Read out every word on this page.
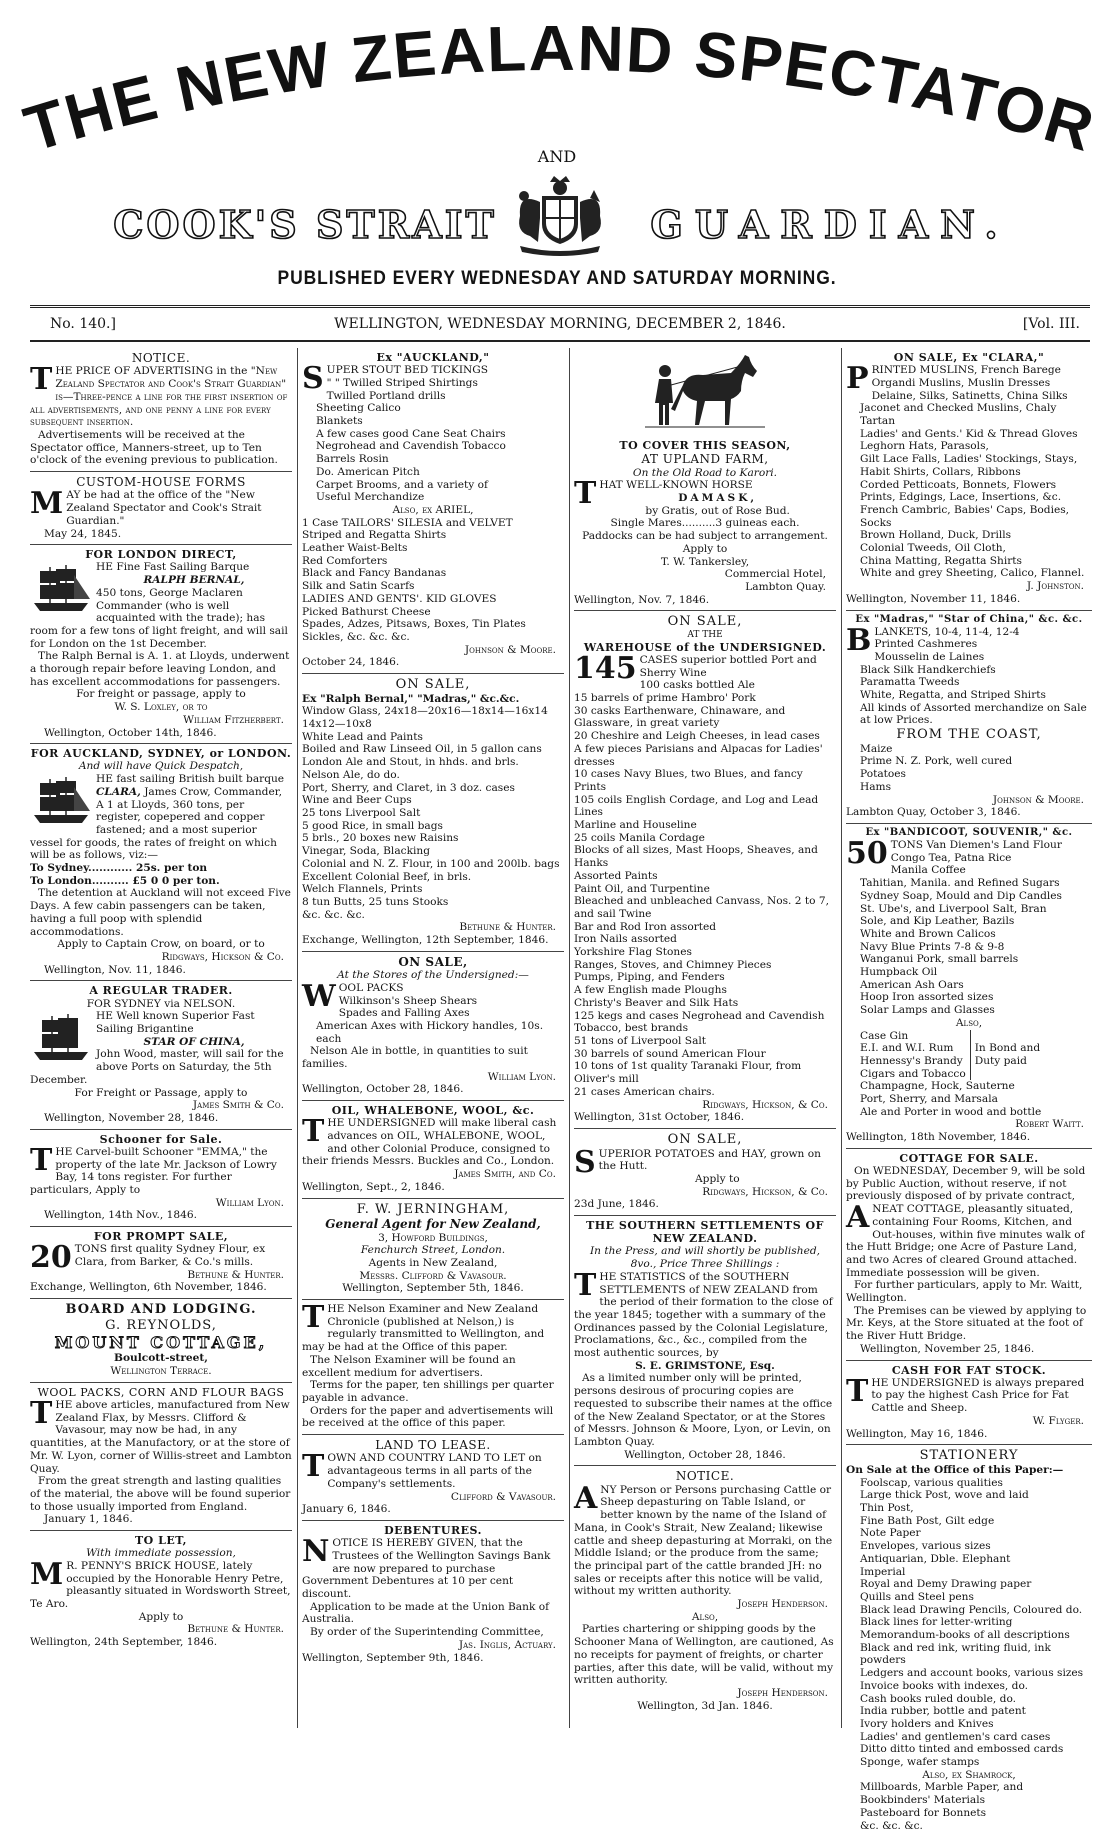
THE NEW ZEALAND SPECTATOR
AND
COOK'S STRAIT	GUARDIAN.
PUBLISHED EVERY WEDNESDAY AND SATURDAY MORNING.
No. 140.]	WELLINGTON, WEDNESDAY MORNING, DECEMBER 2, 1846.	[Vol. III.
NOTICE.
THE PRICE OF ADVERTISING in the "New Zealand Spectator and Cook's Strait Guardian" is—Three-pence a line for the first insertion of all advertisements, and one penny a line for every subsequent insertion.
Advertisements will be received at the Spectator office, Manners-street, up to Ten o'clock of the evening previous to publication.
CUSTOM-HOUSE FORMS
MAY be had at the office of the "New Zealand Spectator and Cook's Strait Guardian."
May 24, 1845.
FOR LONDON DIRECT,
HE Fine Fast Sailing Barque
RALPH BERNAL,
450 tons, George Maclaren Commander (who is well acquainted with the trade); has room for a few tons of light freight, and will sail for London on the 1st December.
The Ralph Bernal is A. 1. at Lloyds, underwent a thorough repair before leaving London, and has excellent accommodations for passengers.
For freight or passage, apply to
W. S. Loxley, or to
William Fitzherbert.
Wellington, October 14th, 1846.
FOR AUCKLAND, SYDNEY, or LONDON.
And will have Quick Despatch,
HE fast sailing British built barque CLARA, James Crow, Commander, A 1 at Lloyds, 360 tons, per register, copepered and copper fastened; and a most superior vessel for goods, the rates of freight on which will be as follows, viz:—
To Sydney............ 25s. per ton
To London.......... £5 0 0 per ton.
The detention at Auckland will not exceed Five Days. A few cabin passengers can be taken, having a full poop with splendid accommodations.
Apply to Captain Crow, on board, or to
Ridgways, Hickson & Co.
Wellington, Nov. 11, 1846.
A REGULAR TRADER.
FOR SYDNEY via NELSON.
HE Well known Superior Fast Sailing Brigantine
STAR OF CHINA,
John Wood, master, will sail for the above Ports on Saturday, the 5th December.
For Freight or Passage, apply to
James Smith & Co.
Wellington, November 28, 1846.
Schooner for Sale.
THE Carvel-built Schooner "EMMA," the property of the late Mr. Jackson of Lowry Bay, 14 tons register. For further particulars, Apply to
William Lyon.
Wellington, 14th Nov., 1846.
FOR PROMPT SALE,
20 TONS first quality Sydney Flour, ex Clara, from Barker, & Co.'s mills.
Bethune & Hunter.
Exchange, Wellington, 6th November, 1846.
BOARD AND LODGING.
G. REYNOLDS,
MOUNT COTTAGE,
Boulcott-street,
Wellington Terrace.
WOOL PACKS, CORN AND FLOUR BAGS
THE above articles, manufactured from New Zealand Flax, by Messrs. Clifford & Vavasour, may now be had, in any quantities, at the Manufactory, or at the store of Mr. W. Lyon, corner of Willis-street and Lambton Quay.
From the great strength and lasting qualities of the material, the above will be found superior to those usually imported from England.
January 1, 1846.
TO LET,
With immediate possession,
M R. PENNY'S BRICK HOUSE, lately occupied by the Honorable Henry Petre, pleasantly situated in Wordsworth Street, Te Aro.
Apply to
Bethune & Hunter.
Wellington, 24th September, 1846.
Ex "AUCKLAND,"
SUPER STOUT BED TICKINGS
" " Twilled Striped Shirtings
Twilled Portland drills
Sheeting Calico
Blankets
A few cases good Cane Seat Chairs
Negrohead and Cavendish Tobacco
Barrels Rosin
Do. American Pitch
Carpet Brooms, and a variety of
Useful Merchandize
Also, ex ARIEL,
1 Case TAILORS' SILESIA and VELVET
Striped and Regatta Shirts
Leather Waist-Belts
Red Comforters
Black and Fancy Bandanas
Silk and Satin Scarfs
LADIES AND GENTS'. KID GLOVES
Picked Bathurst Cheese
Spades, Adzes, Pitsaws, Boxes, Tin Plates
Sickles, &c. &c. &c.
Johnson & Moore.
October 24, 1846.
ON SALE,
Ex "Ralph Bernal," "Madras," &c.&c.
Window Glass, 24x18—20x16—18x14—16x14
14x12—10x8
White Lead and Paints
Boiled and Raw Linseed Oil, in 5 gallon cans
London Ale and Stout, in hhds. and brls.
Nelson Ale, do do.
Port, Sherry, and Claret, in 3 doz. cases
Wine and Beer Cups
25 tons Liverpool Salt
5 good Rice, in small bags
5 brls., 20 boxes new Raisins
Vinegar, Soda, Blacking
Colonial and N. Z. Flour, in 100 and 200lb. bags
Excellent Colonial Beef, in brls.
Welch Flannels, Prints
8 tun Butts, 25 tuns Stooks
&c. &c. &c.
Bethune & Hunter.
Exchange, Wellington, 12th September, 1846.
ON SALE,
At the Stores of the Undersigned:—
WOOL PACKS
Wilkinson's Sheep Shears
Spades and Falling Axes
American Axes with Hickory handles, 10s. each
Nelson Ale in bottle, in quantities to suit families.
William Lyon.
Wellington, October 28, 1846.
OIL, WHALEBONE, WOOL, &c.
THE UNDERSIGNED will make liberal cash advances on OIL, WHALEBONE, WOOL, and other Colonial Produce, consigned to their friends Messrs. Buckles and Co., London.
James Smith, and Co.
Wellington, Sept., 2, 1846.
F. W. JERNINGHAM,
General Agent for New Zealand,
3, Howford Buildings,
Fenchurch Street, London.
Agents in New Zealand,
Messrs. Clifford & Vavasour.
Wellington, September 5th, 1846.
THE Nelson Examiner and New Zealand Chronicle (published at Nelson,) is regularly transmitted to Wellington, and may be had at the Office of this paper.
The Nelson Examiner will be found an excellent medium for advertisers.
Terms for the paper, ten shillings per quarter payable in advance.
Orders for the paper and advertisements will be received at the office of this paper.
LAND TO LEASE.
TOWN AND COUNTRY LAND TO LET on advantageous terms in all parts of the Company's settlements.
Clifford & Vavasour.
January 6, 1846.
DEBENTURES.
NOTICE IS HEREBY GIVEN, that the Trustees of the Wellington Savings Bank are now prepared to purchase Government Debentures at 10 per cent discount.
Application to be made at the Union Bank of Australia.
By order of the Superintending Committee,
Jas. Inglis, Actuary.
Wellington, September 9th, 1846.
TO COVER THIS SEASON,
AT UPLAND FARM,
On the Old Road to Karori.
THAT WELL-KNOWN HORSE
DAMASK,
by Gratis, out of Rose Bud.
Single Mares..........3 guineas each.
Paddocks can be had subject to arrangement.
Apply to
T. W. Tankersley,
Commercial Hotel,
Lambton Quay.
Wellington, Nov. 7, 1846.
ON SALE,
AT THE
WAREHOUSE of the UNDERSIGNED.
145 CASES superior bottled Port and Sherry Wine
100 casks bottled Ale
15 barrels of prime Hambro' Pork
30 casks Earthenware, Chinaware, and Glassware, in great variety
20 Cheshire and Leigh Cheeses, in lead cases
A few pieces Parisians and Alpacas for Ladies' dresses
10 cases Navy Blues, two Blues, and fancy Prints
105 coils English Cordage, and Log and Lead Lines
Marline and Houseline
25 coils Manila Cordage
Blocks of all sizes, Mast Hoops, Sheaves, and Hanks
Assorted Paints
Paint Oil, and Turpentine
Bleached and unbleached Canvass, Nos. 2 to 7, and sail Twine
Bar and Rod Iron assorted
Iron Nails assorted
Yorkshire Flag Stones
Ranges, Stoves, and Chimney Pieces
Pumps, Piping, and Fenders
A few English made Ploughs
Christy's Beaver and Silk Hats
125 kegs and cases Negrohead and Cavendish Tobacco, best brands
51 tons of Liverpool Salt
30 barrels of sound American Flour
10 tons of 1st quality Taranaki Flour, from Oliver's mill
21 cases American chairs.
Ridgways, Hickson, & Co.
Wellington, 31st October, 1846.
ON SALE,
SUPERIOR POTATOES and HAY, grown on the Hutt.
Apply to
Ridgways, Hickson, & Co.
23d June, 1846.
THE SOUTHERN SETTLEMENTS OF NEW ZEALAND.
In the Press, and will shortly be published,
8vo., Price Three Shillings :
THE STATISTICS of the SOUTHERN SETTLEMENTS of NEW ZEALAND from the period of their formation to the close of the year 1845; together with a summary of the Ordinances passed by the Colonial Legislature, Proclamations, &c., &c., compiled from the most authentic sources, by
S. E. GRIMSTONE, Esq.
As a limited number only will be printed, persons desirous of procuring copies are requested to subscribe their names at the office of the New Zealand Spectator, or at the Stores of Messrs. Johnson & Moore, Lyon, or Levin, on Lambton Quay.
Wellington, October 28, 1846.
NOTICE.
ANY Person or Persons purchasing Cattle or Sheep depasturing on Table Island, or better known by the name of the Island of Mana, in Cook's Strait, New Zealand; likewise cattle and sheep depasturing at Morraki, on the Middle Island; or the produce from the same; the principal part of the cattle branded JH: no sales or receipts after this notice will be valid, without my written authority.
Joseph Henderson.
Also,
Parties chartering or shipping goods by the Schooner Mana of Wellington, are cautioned, As no receipts for payment of freights, or charter parties, after this date, will be valid, without my written authority.
Joseph Henderson.
Wellington, 3d Jan. 1846.
ON SALE, Ex "CLARA,"
PRINTED MUSLINS, French Barege
Organdi Muslins, Muslin Dresses
Delaine, Silks, Satinetts, China Silks
Jaconet and Checked Muslins, Chaly Tartan
Ladies' and Gents.' Kid & Thread Gloves
Leghorn Hats, Parasols,
Gilt Lace Falls, Ladies' Stockings, Stays,
Habit Shirts, Collars, Ribbons
Corded Petticoats, Bonnets, Flowers
Prints, Edgings, Lace, Insertions, &c.
French Cambric, Babies' Caps, Bodies, Socks
Brown Holland, Duck, Drills
Colonial Tweeds, Oil Cloth,
China Matting, Regatta Shirts
White and grey Sheeting, Calico, Flannel.
J. Johnston.
Wellington, November 11, 1846.
Ex "Madras," "Star of China," &c. &c.
BLANKETS, 10-4, 11-4, 12-4
Printed Cashmeres
Mousselin de Laines
Black Silk Handkerchiefs
Paramatta Tweeds
White, Regatta, and Striped Shirts
All kinds of Assorted merchandize on Sale at low Prices.
FROM THE COAST,
Maize
Prime N. Z. Pork, well cured
Potatoes
Hams
Johnson & Moore.
Lambton Quay, October 3, 1846.
Ex "BANDICOOT, SOUVENIR," &c.
50 TONS Van Diemen's Land Flour
Congo Tea, Patna Rice
Manila Coffee
Tahitian, Manila. and Refined Sugars
Sydney Soap, Mould and Dip Candles
St. Ube's, and Liverpool Salt, Bran
Sole, and Kip Leather, Bazils
White and Brown Calicos
Navy Blue Prints 7-8 & 9-8
Wanganui Pork, small barrels
Humpback Oil
American Ash Oars
Hoop Iron assorted sizes
Solar Lamps and Glasses
Also,
Case Gin
E.I. and W.I. Rum
Hennessy's Brandy
Cigars and Tobacco
In Bond and Duty paid
Champagne, Hock, Sauterne
Port, Sherry, and Marsala
Ale and Porter in wood and bottle
Robert Waitt.
Wellington, 18th November, 1846.
COTTAGE FOR SALE.
On WEDNESDAY, December 9, will be sold by Public Auction, without reserve, if not previously disposed of by private contract,
ANEAT COTTAGE, pleasantly situated, containing Four Rooms, Kitchen, and Out-houses, within five minutes walk of the Hutt Bridge; one Acre of Pasture Land, and two Acres of cleared Ground attached. Immediate possession will be given.
For further particulars, apply to Mr. Waitt, Wellington.
The Premises can be viewed by applying to Mr. Keys, at the Store situated at the foot of the River Hutt Bridge.
Wellington, November 25, 1846.
CASH FOR FAT STOCK.
THE UNDERSIGNED is always prepared to pay the highest Cash Price for Fat Cattle and Sheep.
W. Flyger.
Wellington, May 16, 1846.
STATIONERY
On Sale at the Office of this Paper:—
Foolscap, various qualities
Large thick Post, wove and laid
Thin Post,
Fine Bath Post, Gilt edge
Note Paper
Envelopes, various sizes
Antiquarian, Dble. Elephant
Imperial
Royal and Demy Drawing paper
Quills and Steel pens
Black lead Drawing Pencils, Coloured do.
Black lines for letter-writing
Memorandum-books of all descriptions
Black and red ink, writing fluid, ink powders
Ledgers and account books, various sizes
Invoice books with indexes, do.
Cash books ruled double, do.
India rubber, bottle and patent
Ivory holders and Knives
Ladies' and gentlemen's card cases
Ditto ditto tinted and embossed cards
Sponge, wafer stamps
Also, ex Shamrock,
Millboards, Marble Paper, and
Bookbinders' Materials
Pasteboard for Bonnets
&c. &c. &c.
